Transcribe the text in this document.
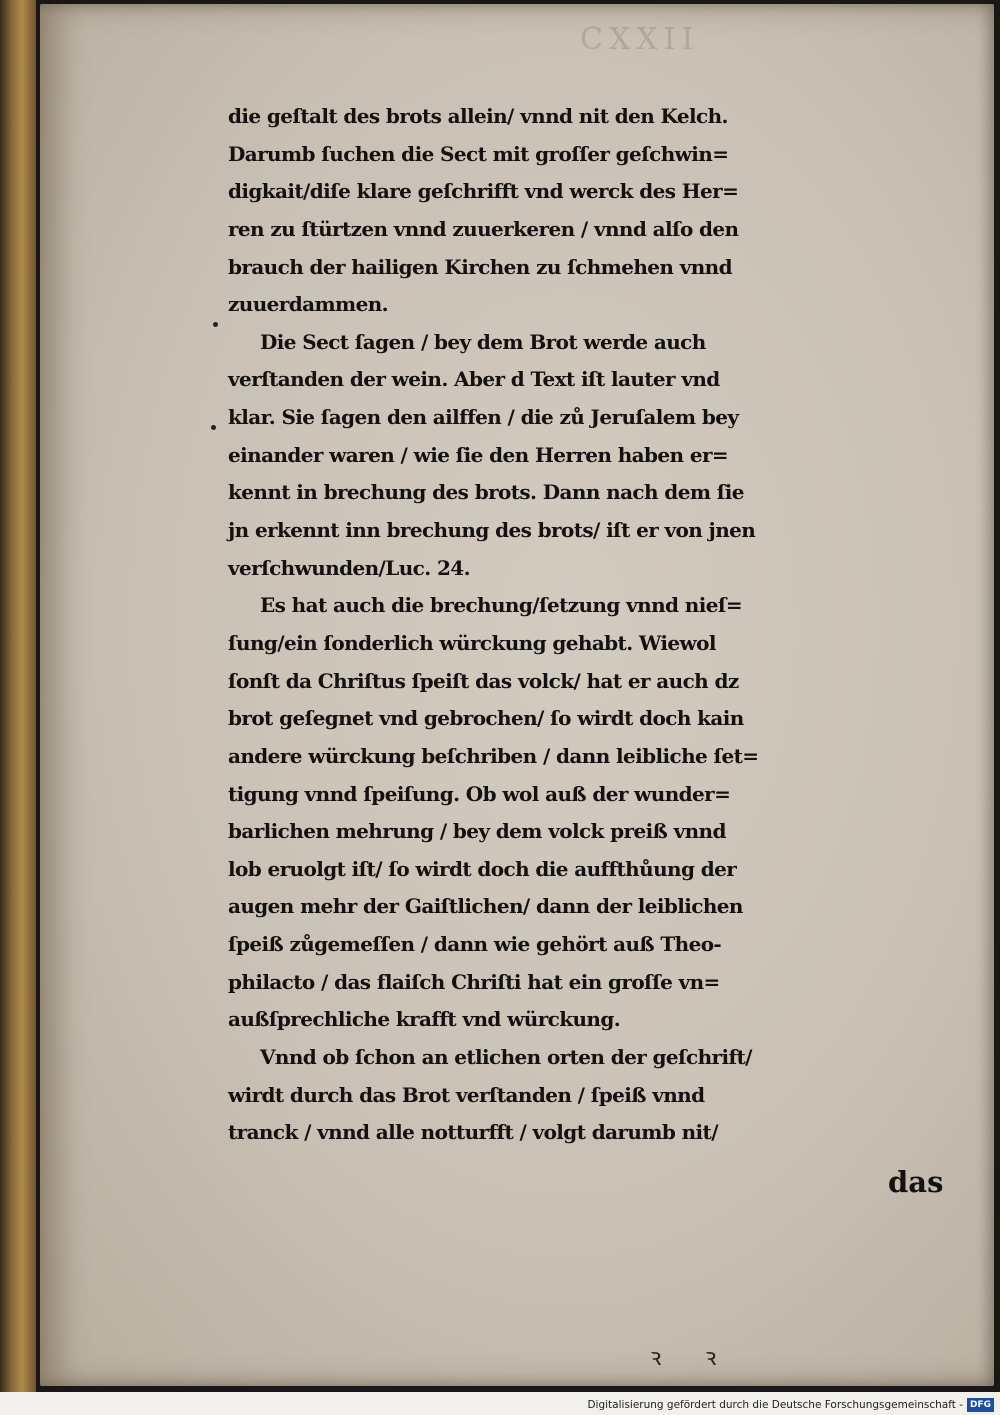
CXXII
die geſtalt des brots allein/ vnnd nit den Kelch.
Darumb ſuchen die Sect mit groſſer geſchwin=
digkait/diſe klare geſchrifft vnd werck des Her=
ren zu ſtürtzen vnnd zuuerkeren / vnnd alſo den
brauch der hailigen Kirchen zu ſchmehen vnnd
zuuerdammen.
Die Sect ſagen / bey dem Brot werde auch
verſtanden der wein. Aber d Text iſt lauter vnd
klar. Sie ſagen den ailffen / die zů Jeruſalem bey
einander waren / wie ſie den Herren haben er=
kennt in brechung des brots. Dann nach dem ſie
jn erkennt inn brechung des brots/ iſt er von jnen
verſchwunden/Luc. 24.
Es hat auch die brechung/ſetzung vnnd nieſ=
ſung/ein ſonderlich würckung gehabt. Wiewol
ſonſt da Chriſtus ſpeiſt das volck/ hat er auch dz
brot geſegnet vnd gebrochen/ ſo wirdt doch kain
andere würckung beſchriben / dann leibliche ſet=
tigung vnnd ſpeiſung. Ob wol auß der wunder=
barlichen mehrung / bey dem volck preiß vnnd
lob eruolgt iſt/ ſo wirdt doch die auffthůung der
augen mehr der Gaiſtlichen/ dann der leiblichen
ſpeiß zůgemeſſen / dann wie gehört auß Theo-
philacto / das flaiſch Chriſti hat ein groſſe vn=
außſprechliche krafft vnd würckung.
Vnnd ob ſchon an etlichen orten der geſchrift/
wirdt durch das Brot verſtanden / ſpeiß vnnd
tranck / vnnd alle notturfft / volgt darumb nit/
das
ꝛ ꝛ
Digitalisierung gefördert durch die Deutsche Forschungsgemeinschaft - DFG
